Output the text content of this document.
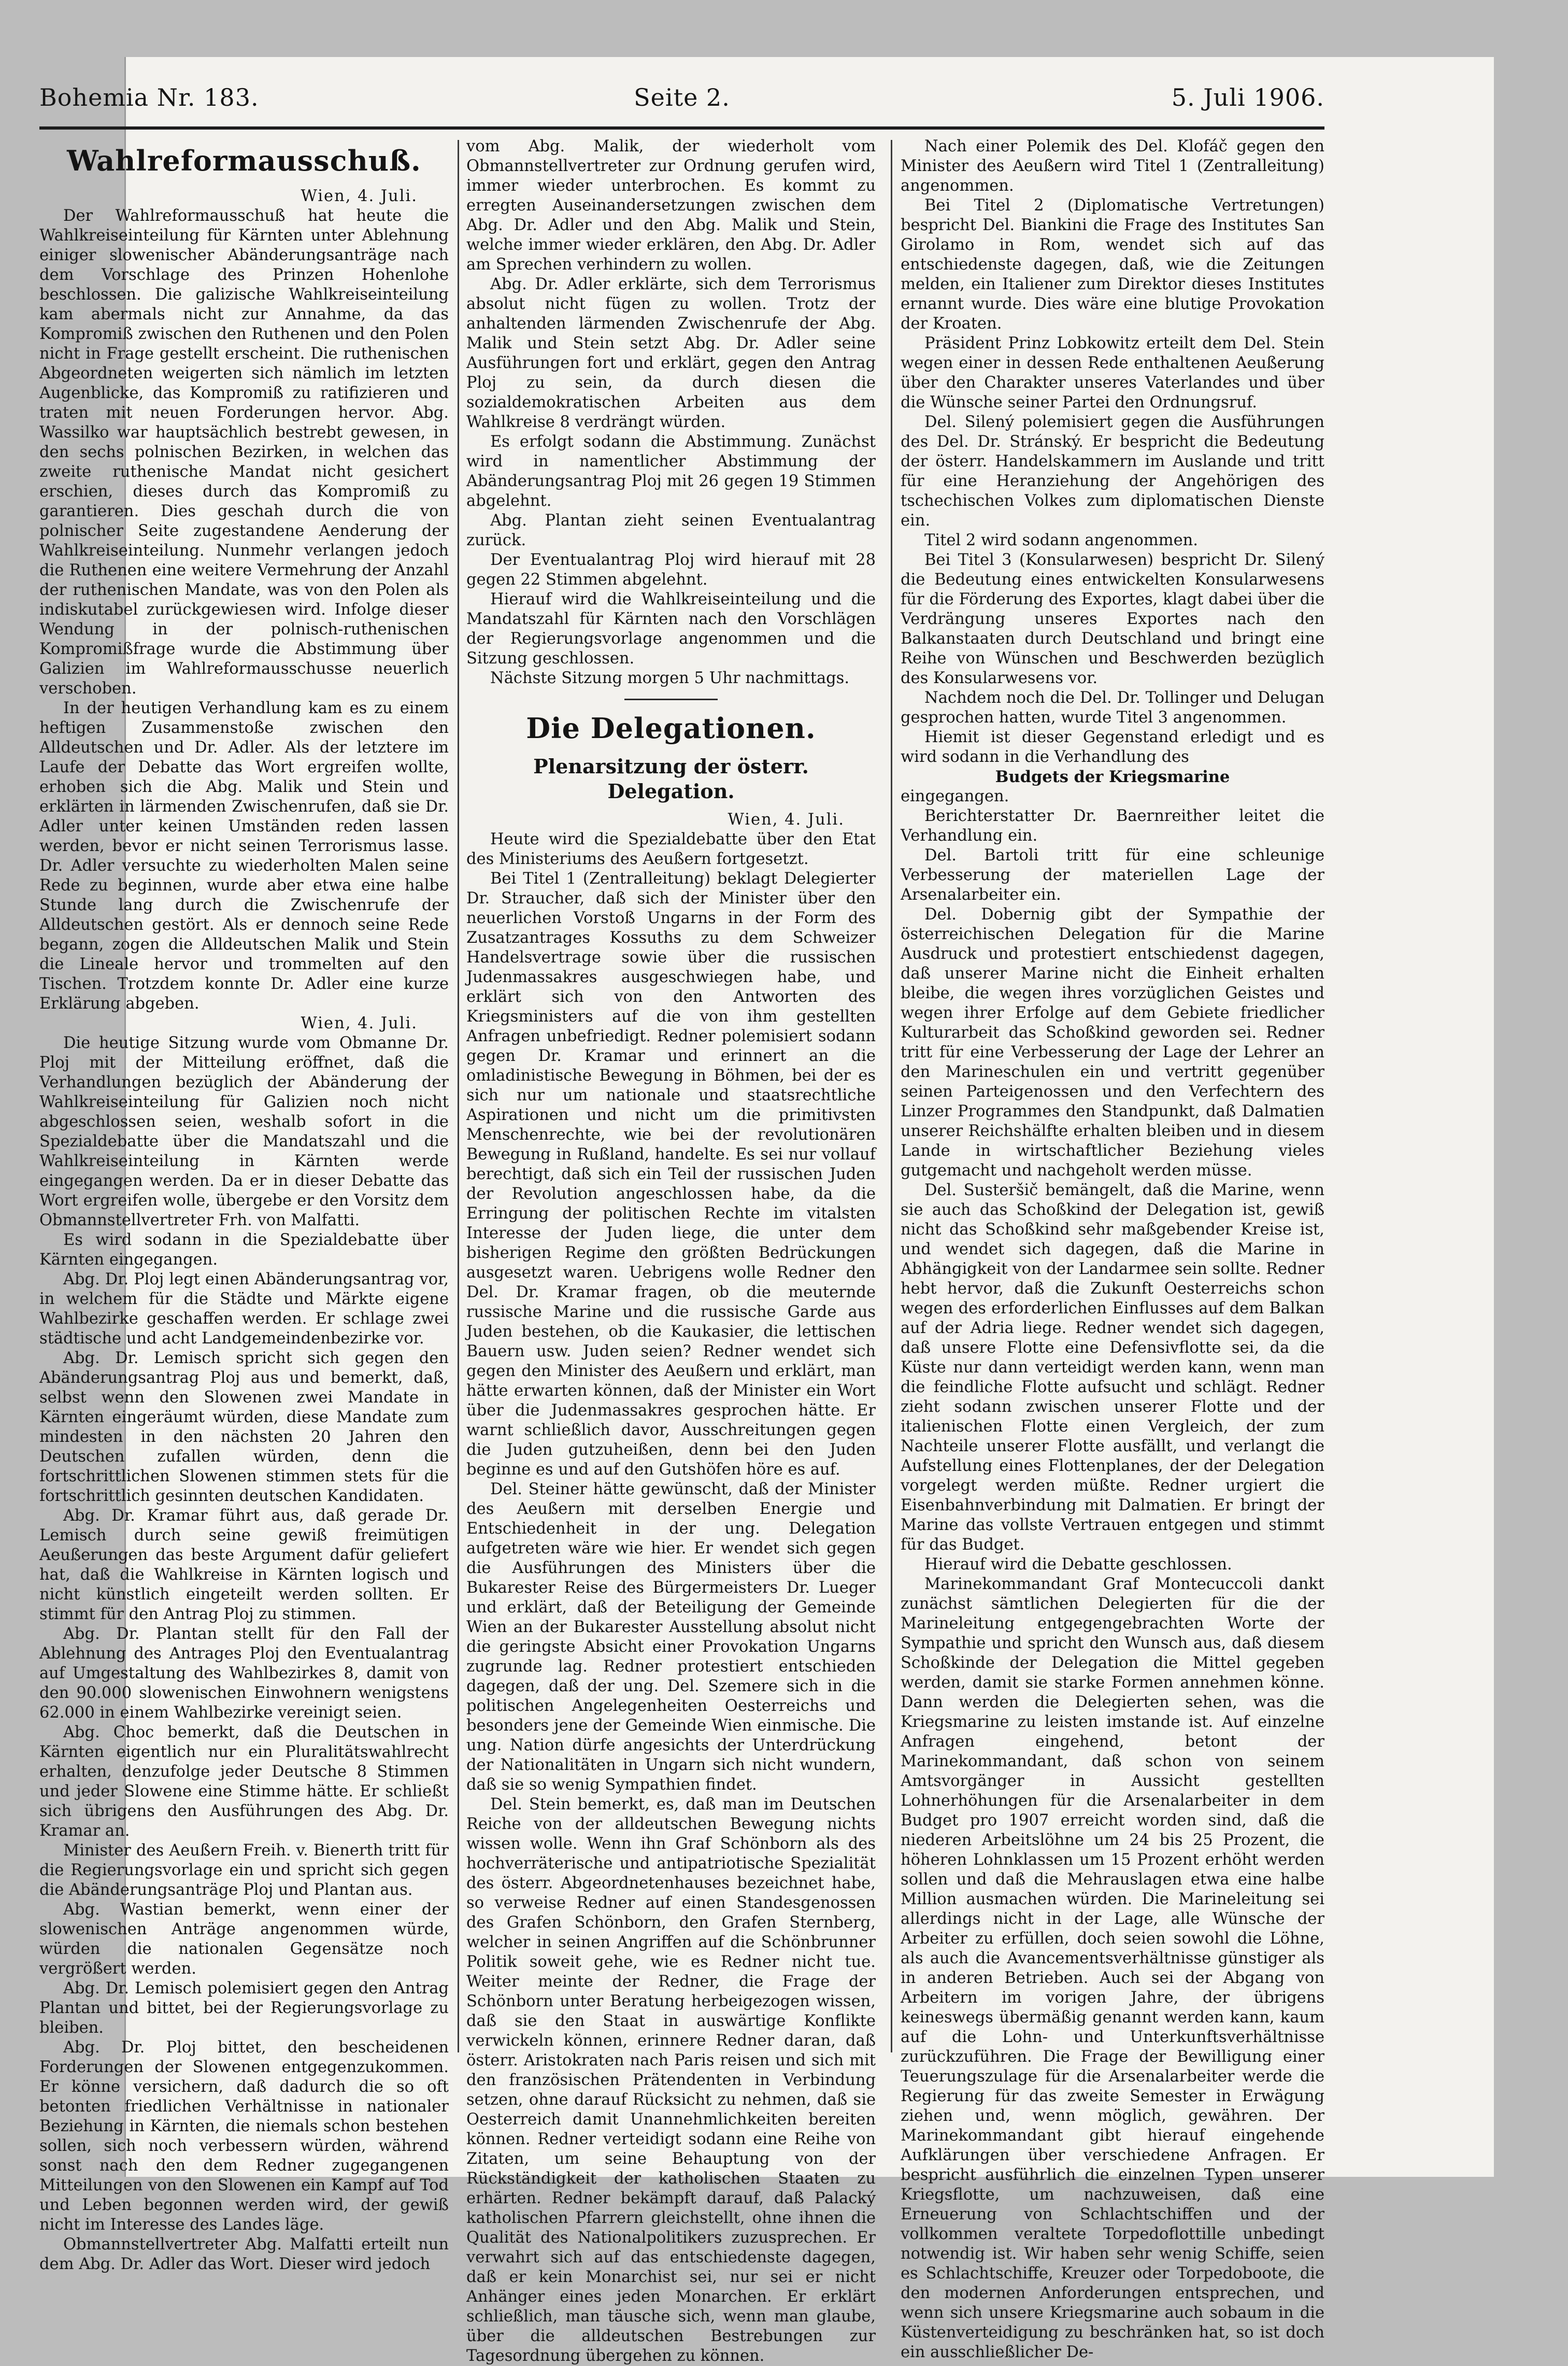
Bohemia Nr. 183.	Seite 2.	5. Juli 1906.
Wahlreformausschuß.

Wien, 4. Juli.

Der Wahlreformausschuß hat heute die Wahlkreiseinteilung für Kärnten unter Ablehnung einiger slowenischer Abänderungsanträge nach dem Vorschlage des Prinzen Hohenlohe beschlossen. Die galizische Wahlkreiseinteilung kam abermals nicht zur Annahme, da das Kompromiß zwischen den Ruthenen und den Polen nicht in Frage gestellt erscheint. Die ruthenischen Abgeordneten weigerten sich nämlich im letzten Augenblicke, das Kompromiß zu ratifizieren und traten mit neuen Forderungen hervor. Abg. Wassilko war hauptsächlich bestrebt gewesen, in den sechs polnischen Bezirken, in welchen das zweite ruthenische Mandat nicht gesichert erschien, dieses durch das Kompromiß zu garantieren. Dies geschah durch die von polnischer Seite zugestandene Aenderung der Wahlkreiseinteilung. Nunmehr verlangen jedoch die Ruthenen eine weitere Vermehrung der Anzahl der ruthenischen Mandate, was von den Polen als indiskutabel zurückgewiesen wird. Infolge dieser Wendung in der polnisch-ruthenischen Kompromißfrage wurde die Abstimmung über Galizien im Wahlreformausschusse neuerlich verschoben.

In der heutigen Verhandlung kam es zu einem heftigen Zusammenstoße zwischen den Alldeutschen und Dr. Adler. Als der letztere im Laufe der Debatte das Wort ergreifen wollte, erhoben sich die Abg. Malik und Stein und erklärten in lärmenden Zwischenrufen, daß sie Dr. Adler unter keinen Umständen reden lassen werden, bevor er nicht seinen Terrorismus lasse. Dr. Adler versuchte zu wiederholten Malen seine Rede zu beginnen, wurde aber etwa eine halbe Stunde lang durch die Zwischenrufe der Alldeutschen gestört. Als er dennoch seine Rede begann, zogen die Alldeutschen Malik und Stein die Lineale hervor und trommelten auf den Tischen. Trotzdem konnte Dr. Adler eine kurze Erklärung abgeben.

Wien, 4. Juli.

Die heutige Sitzung wurde vom Obmanne Dr. Ploj mit der Mitteilung eröffnet, daß die Verhandlungen bezüglich der Abänderung der Wahlkreiseinteilung für Galizien noch nicht abgeschlossen seien, weshalb sofort in die Spezialdebatte über die Mandatszahl und die Wahlkreiseinteilung in Kärnten werde eingegangen werden. Da er in dieser Debatte das Wort ergreifen wolle, übergebe er den Vorsitz dem Obmannstellvertreter Frh. von Malfatti.

Es wird sodann in die Spezialdebatte über Kärnten eingegangen.

Abg. Dr. Ploj legt einen Abänderungsantrag vor, in welchem für die Städte und Märkte eigene Wahlbezirke geschaffen werden. Er schlage zwei städtische und acht Landgemeindenbezirke vor.

Abg. Dr. Lemisch spricht sich gegen den Abänderungsantrag Ploj aus und bemerkt, daß, selbst wenn den Slowenen zwei Mandate in Kärnten eingeräumt würden, diese Mandate zum mindesten in den nächsten 20 Jahren den Deutschen zufallen würden, denn die fortschrittlichen Slowenen stimmen stets für die fortschrittlich gesinnten deutschen Kandidaten.

Abg. Dr. Kramar führt aus, daß gerade Dr. Lemisch durch seine gewiß freimütigen Aeußerungen das beste Argument dafür geliefert hat, daß die Wahlkreise in Kärnten logisch und nicht künstlich eingeteilt werden sollten. Er stimmt für den Antrag Ploj zu stimmen.

Abg. Dr. Plantan stellt für den Fall der Ablehnung des Antrages Ploj den Eventualantrag auf Umgestaltung des Wahlbezirkes 8, damit von den 90.000 slowenischen Einwohnern wenigstens 62.000 in einem Wahlbezirke vereinigt seien.

Abg. Choc bemerkt, daß die Deutschen in Kärnten eigentlich nur ein Pluralitätswahlrecht erhalten, denzufolge jeder Deutsche 8 Stimmen und jeder Slowene eine Stimme hätte. Er schließt sich übrigens den Ausführungen des Abg. Dr. Kramar an.

Minister des Aeußern Freih. v. Bienerth tritt für die Regierungsvorlage ein und spricht sich gegen die Abänderungsanträge Ploj und Plantan aus.

Abg. Wastian bemerkt, wenn einer der slowenischen Anträge angenommen würde, würden die nationalen Gegensätze noch vergrößert werden.

Abg. Dr. Lemisch polemisiert gegen den Antrag Plantan und bittet, bei der Regierungsvorlage zu bleiben.

Abg. Dr. Ploj bittet, den bescheidenen Forderungen der Slowenen entgegenzukommen. Er könne versichern, daß dadurch die so oft betonten friedlichen Verhältnisse in nationaler Beziehung in Kärnten, die niemals schon bestehen sollen, sich noch verbessern würden, während sonst nach den dem Redner zugegangenen Mitteilungen von den Slowenen ein Kampf auf Tod und Leben begonnen werden wird, der gewiß nicht im Interesse des Landes läge.

Obmannstellvertreter Abg. Malfatti erteilt nun dem Abg. Dr. Adler das Wort. Dieser wird jedoch

vom Abg. Malik, der wiederholt vom Obmannstellvertreter zur Ordnung gerufen wird, immer wieder unterbrochen. Es kommt zu erregten Auseinandersetzungen zwischen dem Abg. Dr. Adler und den Abg. Malik und Stein, welche immer wieder erklären, den Abg. Dr. Adler am Sprechen verhindern zu wollen.

Abg. Dr. Adler erklärte, sich dem Terrorismus absolut nicht fügen zu wollen. Trotz der anhaltenden lärmenden Zwischenrufe der Abg. Malik und Stein setzt Abg. Dr. Adler seine Ausführungen fort und erklärt, gegen den Antrag Ploj zu sein, da durch diesen die sozialdemokratischen Arbeiten aus dem Wahlkreise 8 verdrängt würden.

Es erfolgt sodann die Abstimmung. Zunächst wird in namentlicher Abstimmung der Abänderungsantrag Ploj mit 26 gegen 19 Stimmen abgelehnt.

Abg. Plantan zieht seinen Eventualantrag zurück.

Der Eventualantrag Ploj wird hierauf mit 28 gegen 22 Stimmen abgelehnt.

Hierauf wird die Wahlkreiseinteilung und die Mandatszahl für Kärnten nach den Vorschlägen der Regierungsvorlage angenommen und die Sitzung geschlossen.

Nächste Sitzung morgen 5 Uhr nachmittags.

Die Delegationen.
Plenarsitzung der österr. Delegation.

Wien, 4. Juli.

Heute wird die Spezialdebatte über den Etat des Ministeriums des Aeußern fortgesetzt.

Bei Titel 1 (Zentralleitung) beklagt Delegierter Dr. Straucher, daß sich der Minister über den neuerlichen Vorstoß Ungarns in der Form des Zusatzantrages Kossuths zu dem Schweizer Handelsvertrage sowie über die russischen Judenmassakres ausgeschwiegen habe, und erklärt sich von den Antworten des Kriegsministers auf die von ihm gestellten Anfragen unbefriedigt. Redner polemisiert sodann gegen Dr. Kramar und erinnert an die omladinistische Bewegung in Böhmen, bei der es sich nur um nationale und staatsrechtliche Aspirationen und nicht um die primitivsten Menschenrechte, wie bei der revolutionären Bewegung in Rußland, handelte. Es sei nur vollauf berechtigt, daß sich ein Teil der russischen Juden der Revolution angeschlossen habe, da die Erringung der politischen Rechte im vitalsten Interesse der Juden liege, die unter dem bisherigen Regime den größten Bedrückungen ausgesetzt waren. Uebrigens wolle Redner den Del. Dr. Kramar fragen, ob die meuternde russische Marine und die russische Garde aus Juden bestehen, ob die Kaukasier, die lettischen Bauern usw. Juden seien? Redner wendet sich gegen den Minister des Aeußern und erklärt, man hätte erwarten können, daß der Minister ein Wort über die Judenmassakres gesprochen hätte. Er warnt schließlich davor, Ausschreitungen gegen die Juden gutzuheißen, denn bei den Juden beginne es und auf den Gutshöfen höre es auf.

Del. Steiner hätte gewünscht, daß der Minister des Aeußern mit derselben Energie und Entschiedenheit in der ung. Delegation aufgetreten wäre wie hier. Er wendet sich gegen die Ausführungen des Ministers über die Bukarester Reise des Bürgermeisters Dr. Lueger und erklärt, daß der Beteiligung der Gemeinde Wien an der Bukarester Ausstellung absolut nicht die geringste Absicht einer Provokation Ungarns zugrunde lag. Redner protestiert entschieden dagegen, daß der ung. Del. Szemere sich in die politischen Angelegenheiten Oesterreichs und besonders jene der Gemeinde Wien einmische. Die ung. Nation dürfe angesichts der Unterdrückung der Nationalitäten in Ungarn sich nicht wundern, daß sie so wenig Sympathien findet.

Del. Stein bemerkt, es, daß man im Deutschen Reiche von der alldeutschen Bewegung nichts wissen wolle. Wenn ihn Graf Schönborn als des hochverräterische und antipatriotische Spezialität des österr. Abgeordnetenhauses bezeichnet habe, so verweise Redner auf einen Standesgenossen des Grafen Schönborn, den Grafen Sternberg, welcher in seinen Angriffen auf die Schönbrunner Politik soweit gehe, wie es Redner nicht tue. Weiter meinte der Redner, die Frage der Schönborn unter Beratung herbeigezogen wissen, daß sie den Staat in auswärtige Konflikte verwickeln können, erinnere Redner daran, daß österr. Aristokraten nach Paris reisen und sich mit den französischen Prätendenten in Verbindung setzen, ohne darauf Rücksicht zu nehmen, daß sie Oesterreich damit Unannehmlichkeiten bereiten können. Redner verteidigt sodann eine Reihe von Zitaten, um seine Behauptung von der Rückständigkeit der katholischen Staaten zu erhärten. Redner bekämpft darauf, daß Palacký katholischen Pfarrern gleichstellt, ohne ihnen die Qualität des Nationalpolitikers zuzusprechen. Er verwahrt sich auf das entschiedenste dagegen, daß er kein Monarchist sei, nur sei er nicht Anhänger eines jeden Monarchen. Er erklärt schließlich, man täusche sich, wenn man glaube, über die alldeutschen Bestrebungen zur Tagesordnung übergehen zu können.

Nach einer Polemik des Del. Klofáč gegen den Minister des Aeußern wird Titel 1 (Zentralleitung) angenommen.

Bei Titel 2 (Diplomatische Vertretungen) bespricht Del. Biankini die Frage des Institutes San Girolamo in Rom, wendet sich auf das entschiedenste dagegen, daß, wie die Zeitungen melden, ein Italiener zum Direktor dieses Institutes ernannt wurde. Dies wäre eine blutige Provokation der Kroaten.

Präsident Prinz Lobkowitz erteilt dem Del. Stein wegen einer in dessen Rede enthaltenen Aeußerung über den Charakter unseres Vaterlandes und über die Wünsche seiner Partei den Ordnungsruf.

Del. Silený polemisiert gegen die Ausführungen des Del. Dr. Stránský. Er bespricht die Bedeutung der österr. Handelskammern im Auslande und tritt für eine Heranziehung der Angehörigen des tschechischen Volkes zum diplomatischen Dienste ein.

Titel 2 wird sodann angenommen.

Bei Titel 3 (Konsularwesen) bespricht Dr. Silený die Bedeutung eines entwickelten Konsularwesens für die Förderung des Exportes, klagt dabei über die Verdrängung unseres Exportes nach den Balkanstaaten durch Deutschland und bringt eine Reihe von Wünschen und Beschwerden bezüglich des Konsularwesens vor.

Nachdem noch die Del. Dr. Tollinger und Delugan gesprochen hatten, wurde Titel 3 angenommen.

Hiemit ist dieser Gegenstand erledigt und es wird sodann in die Verhandlung des

Budgets der Kriegsmarine

eingegangen.

Berichterstatter Dr. Baernreither leitet die Verhandlung ein.

Del. Bartoli tritt für eine schleunige Verbesserung der materiellen Lage der Arsenalarbeiter ein.

Del. Dobernig gibt der Sympathie der österreichischen Delegation für die Marine Ausdruck und protestiert entschiedenst dagegen, daß unserer Marine nicht die Einheit erhalten bleibe, die wegen ihres vorzüglichen Geistes und wegen ihrer Erfolge auf dem Gebiete friedlicher Kulturarbeit das Schoßkind geworden sei. Redner tritt für eine Verbesserung der Lage der Lehrer an den Marineschulen ein und vertritt gegenüber seinen Parteigenossen und den Verfechtern des Linzer Programmes den Standpunkt, daß Dalmatien unserer Reichshälfte erhalten bleiben und in diesem Lande in wirtschaftlicher Beziehung vieles gutgemacht und nachgeholt werden müsse.

Del. Susteršič bemängelt, daß die Marine, wenn sie auch das Schoßkind der Delegation ist, gewiß nicht das Schoßkind sehr maßgebender Kreise ist, und wendet sich dagegen, daß die Marine in Abhängigkeit von der Landarmee sein sollte. Redner hebt hervor, daß die Zukunft Oesterreichs schon wegen des erforderlichen Einflusses auf dem Balkan auf der Adria liege. Redner wendet sich dagegen, daß unsere Flotte eine Defensivflotte sei, da die Küste nur dann verteidigt werden kann, wenn man die feindliche Flotte aufsucht und schlägt. Redner zieht sodann zwischen unserer Flotte und der italienischen Flotte einen Vergleich, der zum Nachteile unserer Flotte ausfällt, und verlangt die Aufstellung eines Flottenplanes, der der Delegation vorgelegt werden müßte. Redner urgiert die Eisenbahnverbindung mit Dalmatien. Er bringt der Marine das vollste Vertrauen entgegen und stimmt für das Budget.

Hierauf wird die Debatte geschlossen.

Marinekommandant Graf Montecuccoli dankt zunächst sämtlichen Delegierten für die der Marineleitung entgegengebrachten Worte der Sympathie und spricht den Wunsch aus, daß diesem Schoßkinde der Delegation die Mittel gegeben werden, damit sie starke Formen annehmen könne. Dann werden die Delegierten sehen, was die Kriegsmarine zu leisten imstande ist. Auf einzelne Anfragen eingehend, betont der Marinekommandant, daß schon von seinem Amtsvorgänger in Aussicht gestellten Lohnerhöhungen für die Arsenalarbeiter in dem Budget pro 1907 erreicht worden sind, daß die niederen Arbeitslöhne um 24 bis 25 Prozent, die höheren Lohnklassen um 15 Prozent erhöht werden sollen und daß die Mehrauslagen etwa eine halbe Million ausmachen würden. Die Marineleitung sei allerdings nicht in der Lage, alle Wünsche der Arbeiter zu erfüllen, doch seien sowohl die Löhne, als auch die Avancementsverhältnisse günstiger als in anderen Betrieben. Auch sei der Abgang von Arbeitern im vorigen Jahre, der übrigens keineswegs übermäßig genannt werden kann, kaum auf die Lohn- und Unterkunftsverhältnisse zurückzuführen. Die Frage der Bewilligung einer Teuerungszulage für die Arsenalarbeiter werde die Regierung für das zweite Semester in Erwägung ziehen und, wenn möglich, gewähren. Der Marinekommandant gibt hierauf eingehende Aufklärungen über verschiedene Anfragen. Er bespricht ausführlich die einzelnen Typen unserer Kriegsflotte, um nachzuweisen, daß eine Erneuerung von Schlachtschiffen und der vollkommen veraltete Torpedoflottille unbedingt notwendig ist. Wir haben sehr wenig Schiffe, seien es Schlachtschiffe, Kreuzer oder Torpedoboote, die den modernen Anforderungen entsprechen, und wenn sich unsere Kriegsmarine auch sobaum in die Küstenverteidigung zu beschränken hat, so ist doch ein ausschließlicher De-
